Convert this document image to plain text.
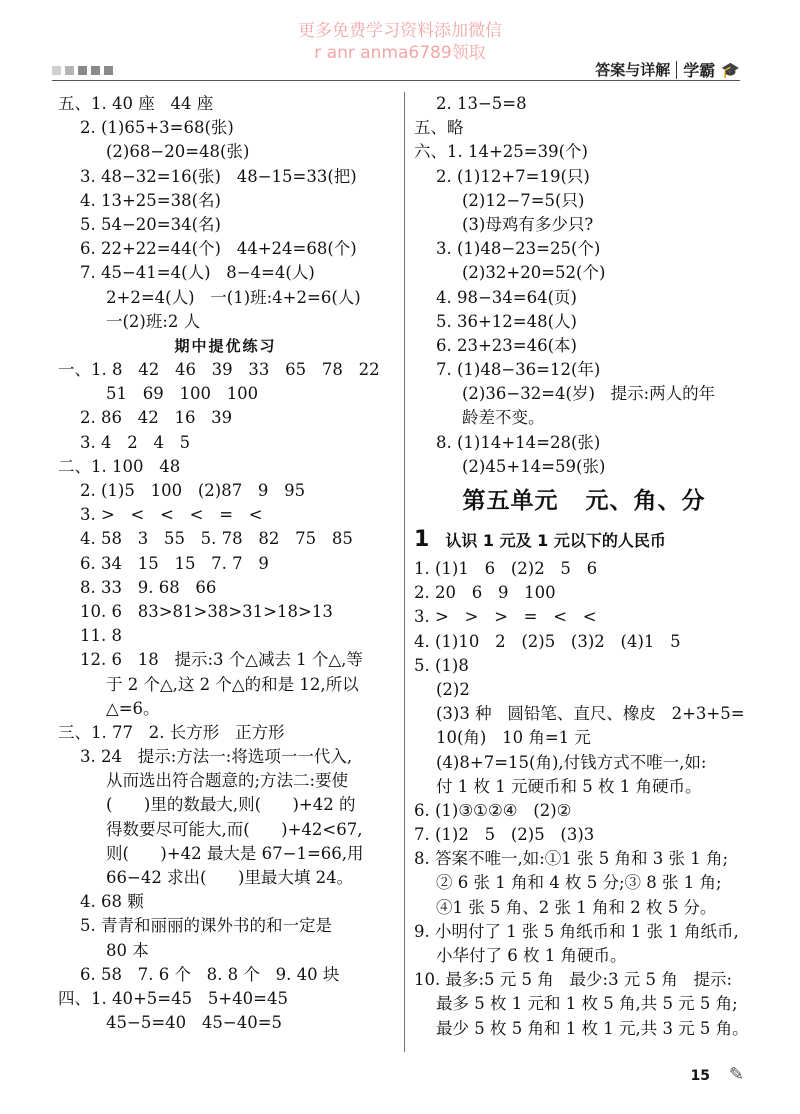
更多免费学习资料添加微信
r anr anma6789领取
答案与详解 学霸 🎓
五、1. 40 座   44 座
2. (1)65+3=68(张)
(2)68−20=48(张)
3. 48−32=16(张)   48−15=33(把)
4. 13+25=38(名)
5. 54−20=34(名)
6. 22+22=44(个)   44+24=68(个)
7. 45−41=4(人)   8−4=4(人)
2+2=4(人)   一(1)班:4+2=6(人)
一(2)班:2 人
期中提优练习
一、1. 8   42   46   39   33   65   78   22
51   69   100   100
2. 86   42   16   39
3. 4   2   4   5
二、1. 100   48
2. (1)5   100   (2)87   9   95
3. >   <   <   <   =   <
4. 58   3   55   5. 78   82   75   85
6. 34   15   15   7. 7   9
8. 33   9. 68   66
10. 6   83>81>38>31>18>13
11. 8
12. 6   18   提示:3 个△减去 1 个△,等
于 2 个△,这 2 个△的和是 12,所以
△=6。
三、1. 77   2. 长方形   正方形
3. 24   提示:方法一:将选项一一代入,
从而选出符合题意的;方法二:要使
(      )里的数最大,则(      )+42 的
得数要尽可能大,而(      )+42<67,
则(      )+42 最大是 67−1=66,用
66−42 求出(      )里最大填 24。
4. 68 颗
5. 青青和丽丽的课外书的和一定是
80 本
6. 58   7. 6 个   8. 8 个   9. 40 块
四、1. 40+5=45   5+40=45
45−5=40   45−40=5
2. 13−5=8
五、略
六、1. 14+25=39(个)
2. (1)12+7=19(只)
(2)12−7=5(只)
(3)母鸡有多少只?
3. (1)48−23=25(个)
(2)32+20=52(个)
4. 98−34=64(页)
5. 36+12=48(人)
6. 23+23=46(本)
7. (1)48−36=12(年)
(2)36−32=4(岁)   提示:两人的年
龄差不变。
8. (1)14+14=28(张)
(2)45+14=59(张)
第五单元   元、角、分
1 认识 1 元及 1 元以下的人民币
1. (1)1   6   (2)2   5   6
2. 20   6   9   100
3. >   >   >   =   <   <
4. (1)10   2   (2)5   (3)2   (4)1   5
5. (1)8
(2)2
(3)3 种   圆铅笔、直尺、橡皮   2+3+5=
10(角)   10 角=1 元
(4)8+7=15(角),付钱方式不唯一,如:
付 1 枚 1 元硬币和 5 枚 1 角硬币。
6. (1)③①②④   (2)②
7. (1)2   5   (2)5   (3)3
8. 答案不唯一,如:①1 张 5 角和 3 张 1 角;
② 6 张 1 角和 4 枚 5 分;③ 8 张 1 角;
④1 张 5 角、2 张 1 角和 2 枚 5 分。
9. 小明付了 1 张 5 角纸币和 1 张 1 角纸币,
小华付了 6 枚 1 角硬币。
10. 最多:5 元 5 角   最少:3 元 5 角   提示:
最多 5 枚 1 元和 1 枚 5 角,共 5 元 5 角;
最少 5 枚 5 角和 1 枚 1 元,共 3 元 5 角。
15 ✎
